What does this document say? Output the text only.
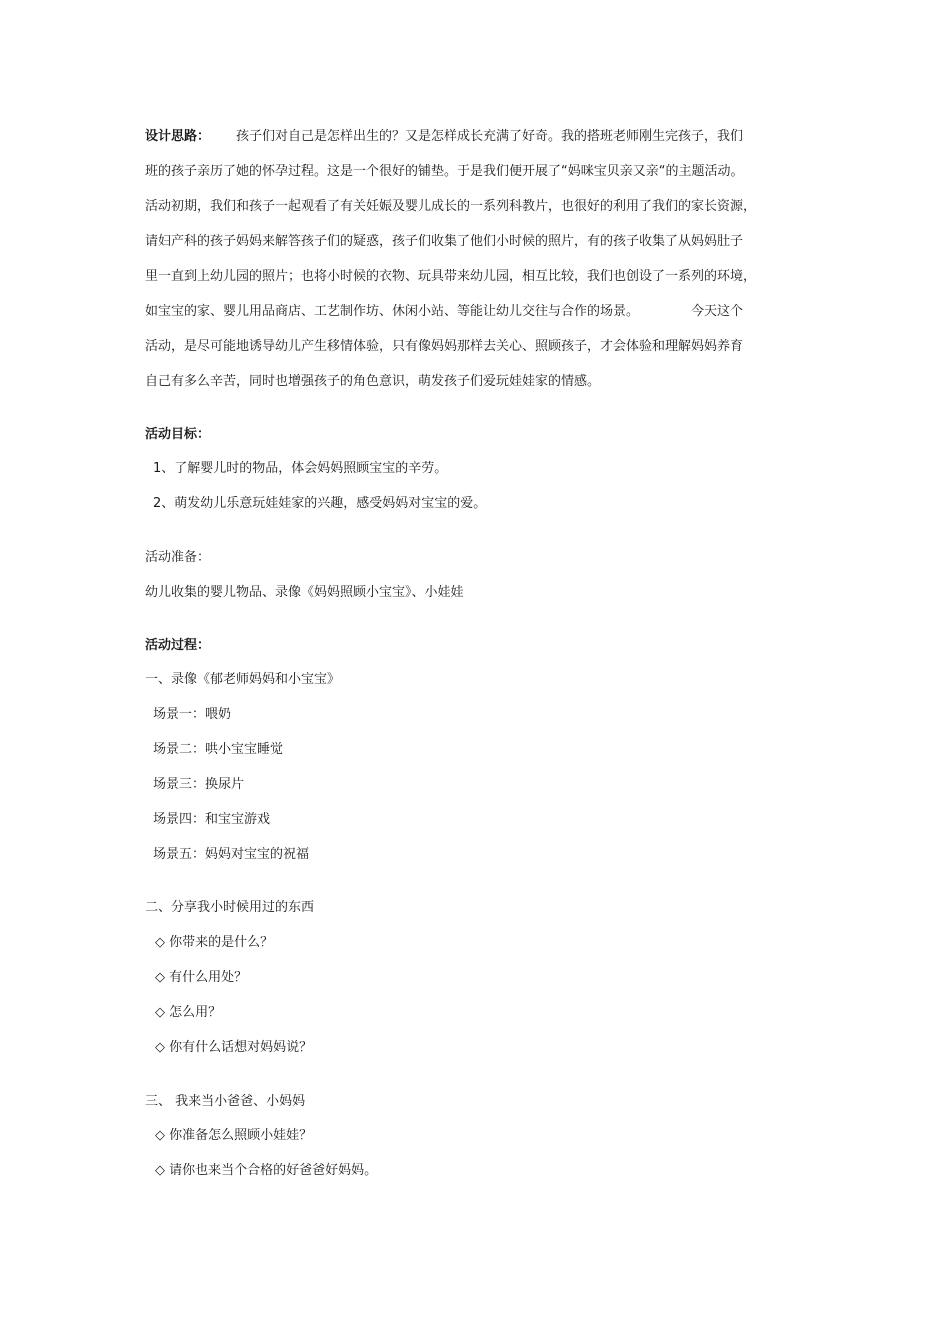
设计思路： 孩子们对自己是怎样出生的？又是怎样成长充满了好奇。我的搭班老师刚生完孩子，我们
班的孩子亲历了她的怀孕过程。这是一个很好的铺垫。于是我们便开展了“妈咪宝贝亲又亲“的主题活动。
活动初期，我们和孩子一起观看了有关妊娠及婴儿成长的一系列科教片，也很好的利用了我们的家长资源，
请妇产科的孩子妈妈来解答孩子们的疑惑，孩子们收集了他们小时候的照片，有的孩子收集了从妈妈肚子
里一直到上幼儿园的照片；也将小时候的衣物、玩具带来幼儿园，相互比较，我们也创设了一系列的环境，
如宝宝的家、婴儿用品商店、工艺制作坊、休闲小站、等能让幼儿交往与合作的场景。	今天这个
活动，是尽可能地诱导幼儿产生移情体验，只有像妈妈那样去关心、照顾孩子，才会体验和理解妈妈养育
自己有多么辛苦，同时也增强孩子的角色意识，萌发孩子们爱玩娃娃家的情感。
活动目标：
1、了解婴儿时的物品，体会妈妈照顾宝宝的辛劳。
2、萌发幼儿乐意玩娃娃家的兴趣，感受妈妈对宝宝的爱。
活动准备：
幼儿收集的婴儿物品、录像《妈妈照顾小宝宝》、小娃娃
活动过程：
一、录像《郁老师妈妈和小宝宝》
场景一：喂奶
场景二：哄小宝宝睡觉
场景三：换尿片
场景四：和宝宝游戏
场景五：妈妈对宝宝的祝福
二、分享我小时候用过的东西
◇ 你带来的是什么？
◇ 有什么用处？
◇ 怎么用？
◇ 你有什么话想对妈妈说？
三、 我来当小爸爸、小妈妈
◇ 你准备怎么照顾小娃娃？
◇ 请你也来当个合格的好爸爸好妈妈。
